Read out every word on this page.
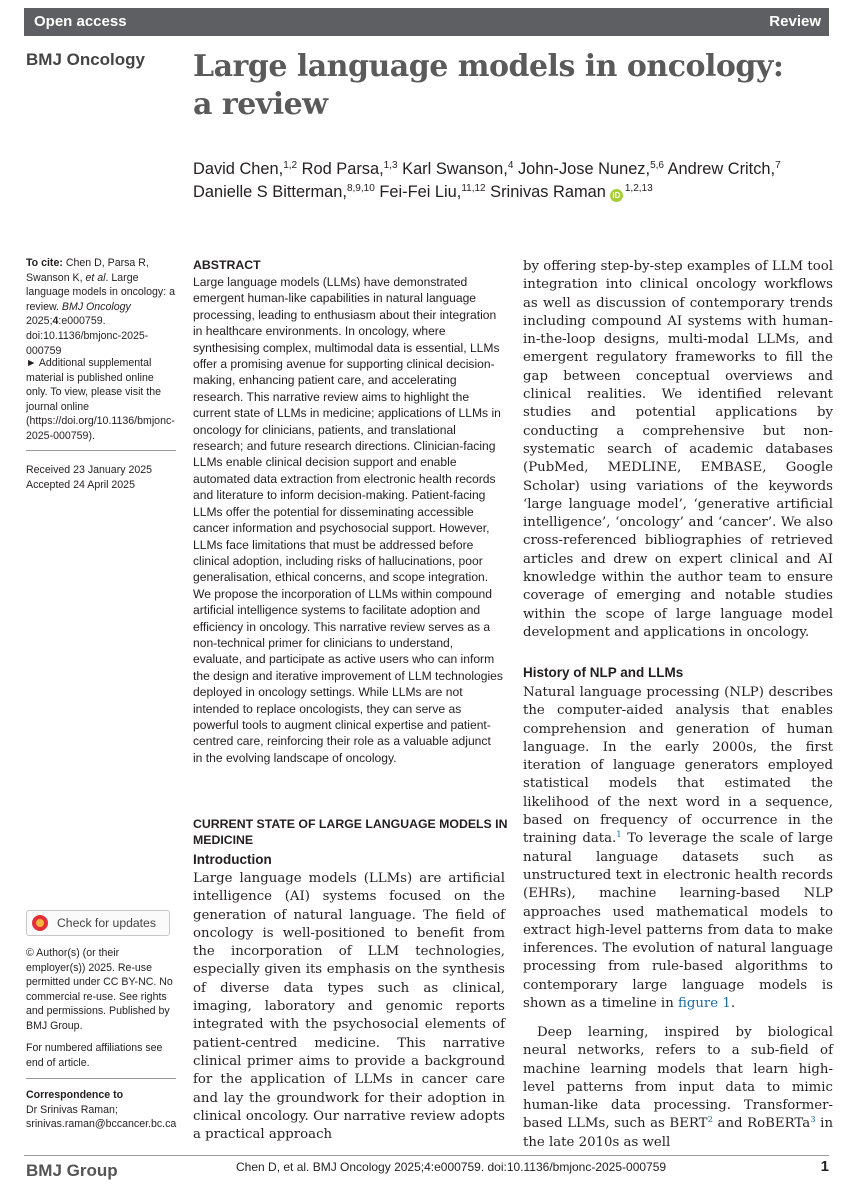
Open access	Review
BMJ Oncology Large language models in oncology:
a review
David Chen,$^{1,2}$ Rod Parsa,$^{1,3}$ Karl Swanson,$^4$ John-Jose Nunez,$^{5,6}$ Andrew Critch,$^7$
Danielle S Bitterman,$^{8,9,10}$ Fei-Fei Liu,$^{11,12}$ Srinivas Raman iD$^{1,2,13}$
To cite: Chen D, Parsa R, Swanson K, et al. Large language models in oncology: a review. BMJ Oncology 2025;4:e000759. doi:10.1136/bmjonc-2025-000759
► Additional supplemental material is published online only. To view, please visit the journal online (https://doi.org/10.1136/bmjonc-2025-000759).
Received 23 January 2025
Accepted 24 April 2025
Check for updates
© Author(s) (or their employer(s)) 2025. Re-use permitted under CC BY-NC. No commercial re-use. See rights and permissions. Published by BMJ Group.
For numbered affiliations see end of article.
Correspondence to
Dr Srinivas Raman;
srinivas.raman@bccancer.bc.ca
ABSTRACT
Large language models (LLMs) have demonstrated emergent human-like capabilities in natural language processing, leading to enthusiasm about their integration in healthcare environments. In oncology, where synthesising complex, multimodal data is essential, LLMs offer a promising avenue for supporting clinical decision-making, enhancing patient care, and accelerating research. This narrative review aims to highlight the current state of LLMs in medicine; applications of LLMs in oncology for clinicians, patients, and translational research; and future research directions. Clinician-facing LLMs enable clinical decision support and enable automated data extraction from electronic health records and literature to inform decision-making. Patient-facing LLMs offer the potential for disseminating accessible cancer information and psychosocial support. However, LLMs face limitations that must be addressed before clinical adoption, including risks of hallucinations, poor generalisation, ethical concerns, and scope integration. We propose the incorporation of LLMs within compound artificial intelligence systems to facilitate adoption and efficiency in oncology. This narrative review serves as a non-technical primer for clinicians to understand, evaluate, and participate as active users who can inform the design and iterative improvement of LLM technologies deployed in oncology settings. While LLMs are not intended to replace oncologists, they can serve as powerful tools to augment clinical expertise and patient-centred care, reinforcing their role as a valuable adjunct in the evolving landscape of oncology.
CURRENT STATE OF LARGE LANGUAGE MODELS IN MEDICINE
Introduction
Large language models (LLMs) are artificial intelligence (AI) systems focused on the generation of natural language. The field of oncology is well-positioned to benefit from the incorporation of LLM technologies, especially given its emphasis on the synthesis of diverse data types such as clinical, imaging, laboratory and genomic reports integrated with the psychosocial elements of patient-centred medicine. This narrative clinical primer aims to provide a background for the application of LLMs in cancer care and lay the groundwork for their adoption in clinical oncology. Our narrative review adopts a practical approach
by offering step-by-step examples of LLM tool integration into clinical oncology workflows as well as discussion of contemporary trends including compound AI systems with human-in-the-loop designs, multi-modal LLMs, and emergent regulatory frameworks to fill the gap between conceptual overviews and clinical realities. We identified relevant studies and potential applications by conducting a comprehensive but non-systematic search of academic databases (PubMed, MEDLINE, EMBASE, Google Scholar) using variations of the keywords ‘large language model’, ‘generative artificial intelligence’, ‘oncology’ and ‘cancer’. We also cross-referenced bibliographies of retrieved articles and drew on expert clinical and AI knowledge within the author team to ensure coverage of emerging and notable studies within the scope of large language model development and applications in oncology.
History of NLP and LLMs
Natural language processing (NLP) describes the computer-aided analysis that enables comprehension and generation of human language. In the early 2000s, the first iteration of language generators employed statistical models that estimated the likelihood of the next word in a sequence, based on frequency of occurrence in the training data.$^1$ To leverage the scale of large natural language datasets such as unstructured text in electronic health records (EHRs), machine learning-based NLP approaches used mathematical models to extract high-level patterns from data to make inferences. The evolution of natural language processing from rule-based algorithms to contemporary large language models is shown as a timeline in figure 1.
Deep learning, inspired by biological neural networks, refers to a sub-field of machine learning models that learn high-level patterns from input data to mimic human-like data processing. Transformer-based LLMs, such as BERT$^2$ and RoBERTa$^3$ in the late 2010s as well
BMJ Group	Chen D, et al. BMJ Oncology 2025;4:e000759. doi:10.1136/bmjonc-2025-000759	1
